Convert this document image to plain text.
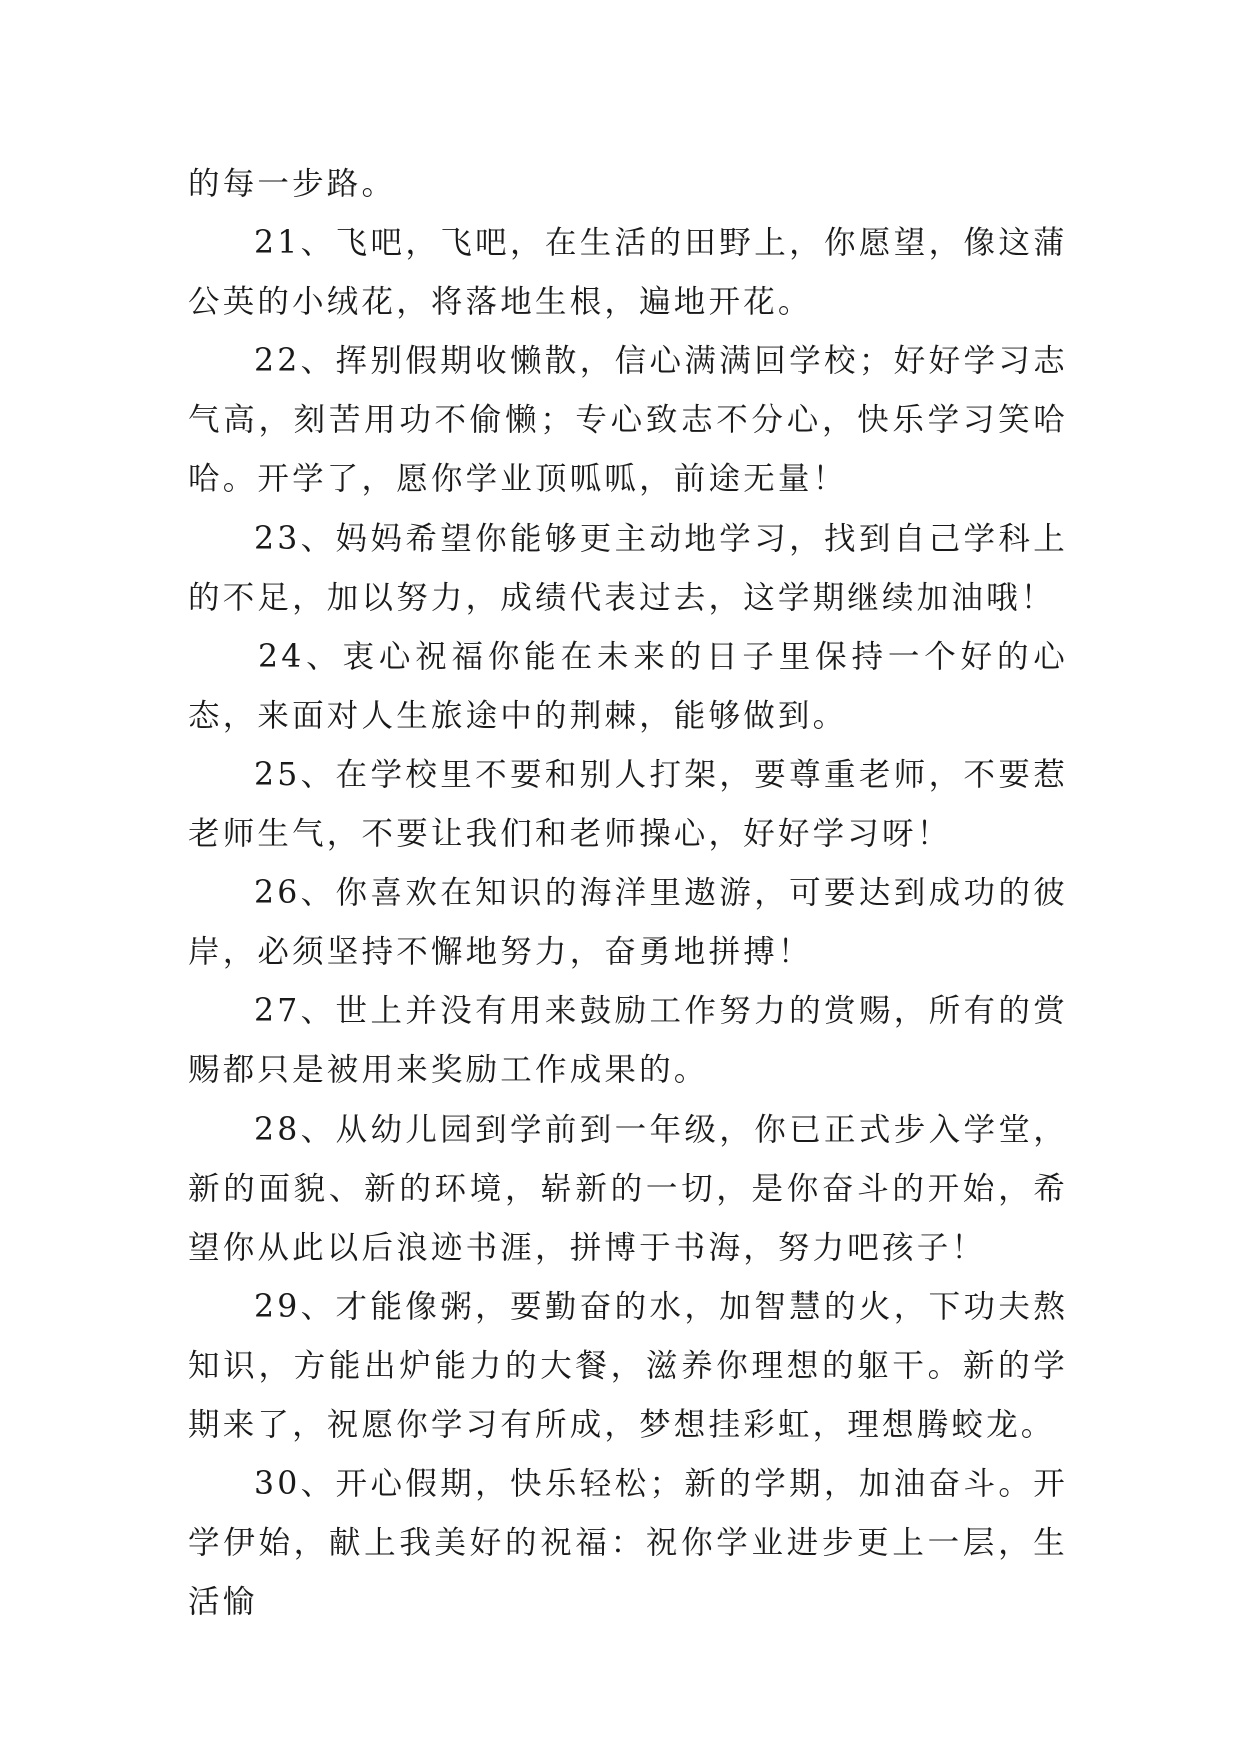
的每一步路。

21、飞吧，飞吧，在生活的田野上，你愿望，像这蒲公英的小绒花，将落地生根，遍地开花。

22、挥别假期收懒散，信心满满回学校；好好学习志气高，刻苦用功不偷懒；专心致志不分心，快乐学习笑哈哈。开学了，愿你学业顶呱呱，前途无量！

23、妈妈希望你能够更主动地学习，找到自己学科上的不足，加以努力，成绩代表过去，这学期继续加油哦！

24、衷心祝福你能在未来的日子里保持一个好的心态，来面对人生旅途中的荆棘，能够做到。

25、在学校里不要和别人打架，要尊重老师，不要惹老师生气，不要让我们和老师操心，好好学习呀！

26、你喜欢在知识的海洋里遨游，可要达到成功的彼岸，必须坚持不懈地努力，奋勇地拼搏！

27、世上并没有用来鼓励工作努力的赏赐，所有的赏赐都只是被用来奖励工作成果的。

28、从幼儿园到学前到一年级，你已正式步入学堂，新的面貌、新的环境，崭新的一切，是你奋斗的开始，希望你从此以后浪迹书涯，拼博于书海，努力吧孩子！

29、才能像粥，要勤奋的水，加智慧的火，下功夫熬知识，方能出炉能力的大餐，滋养你理想的躯干。新的学期来了，祝愿你学习有所成，梦想挂彩虹，理想腾蛟龙。

30、开心假期，快乐轻松；新的学期，加油奋斗。开学伊始，献上我美好的祝福：祝你学业进步更上一层，生活愉
